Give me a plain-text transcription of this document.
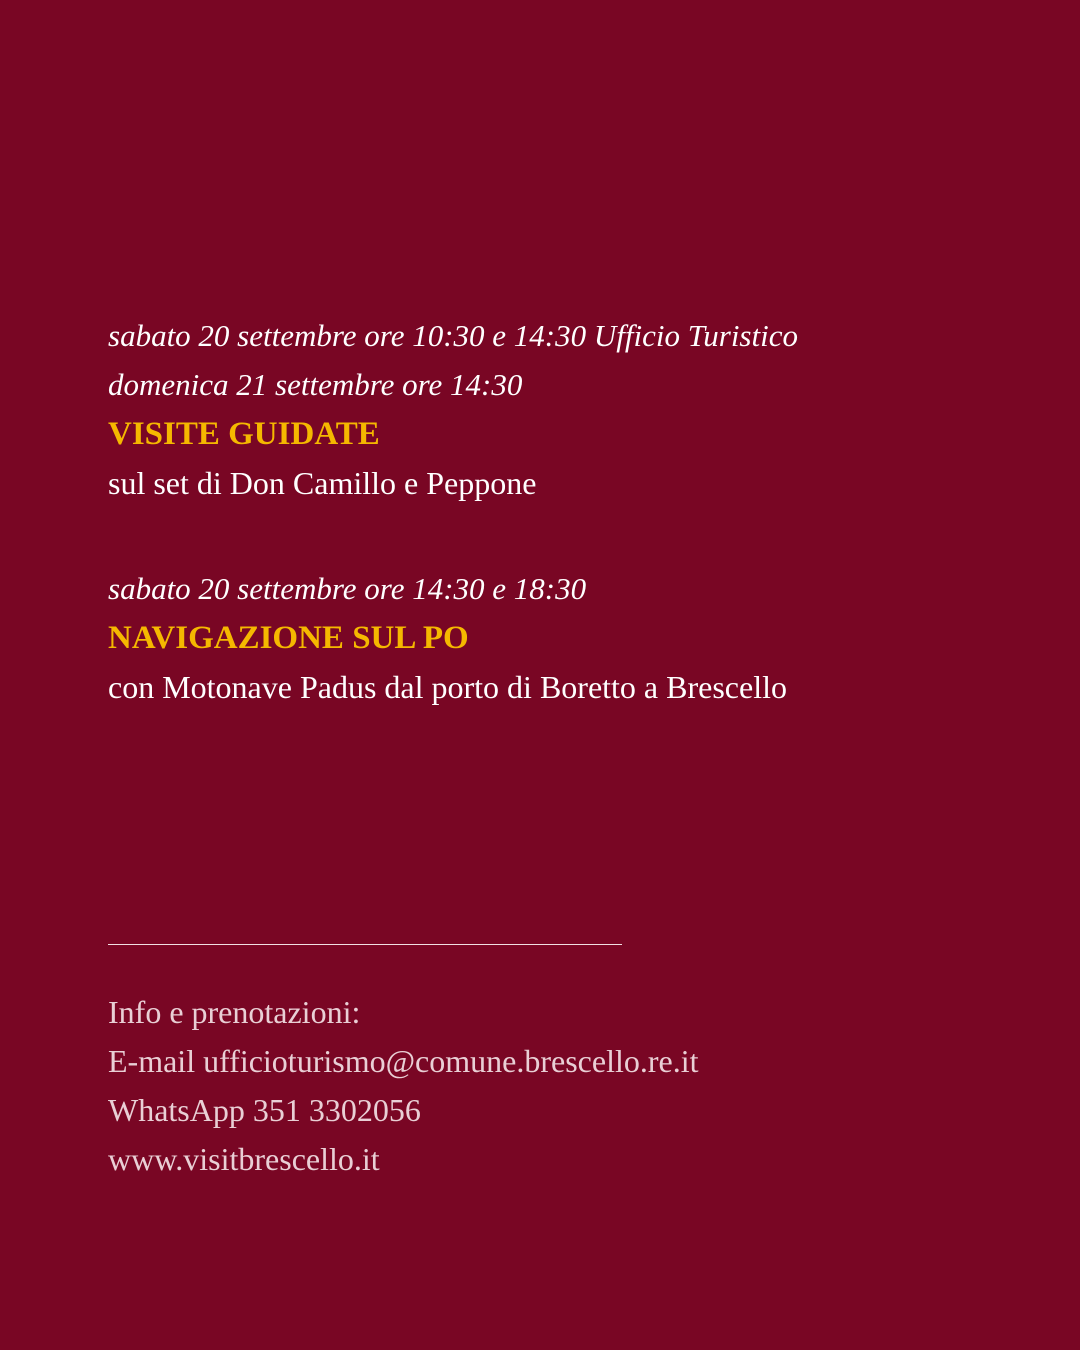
sabato 20 settembre ore 10:30 e 14:30 Ufficio Turistico
domenica 21 settembre ore 14:30
VISITE GUIDATE
sul set di Don Camillo e Peppone
sabato 20 settembre ore 14:30 e 18:30
NAVIGAZIONE SUL PO
con Motonave Padus dal porto di Boretto a Brescello
Info e prenotazioni:
E-mail ufficioturismo@comune.brescello.re.it
WhatsApp 351 3302056
www.visitbrescello.it
